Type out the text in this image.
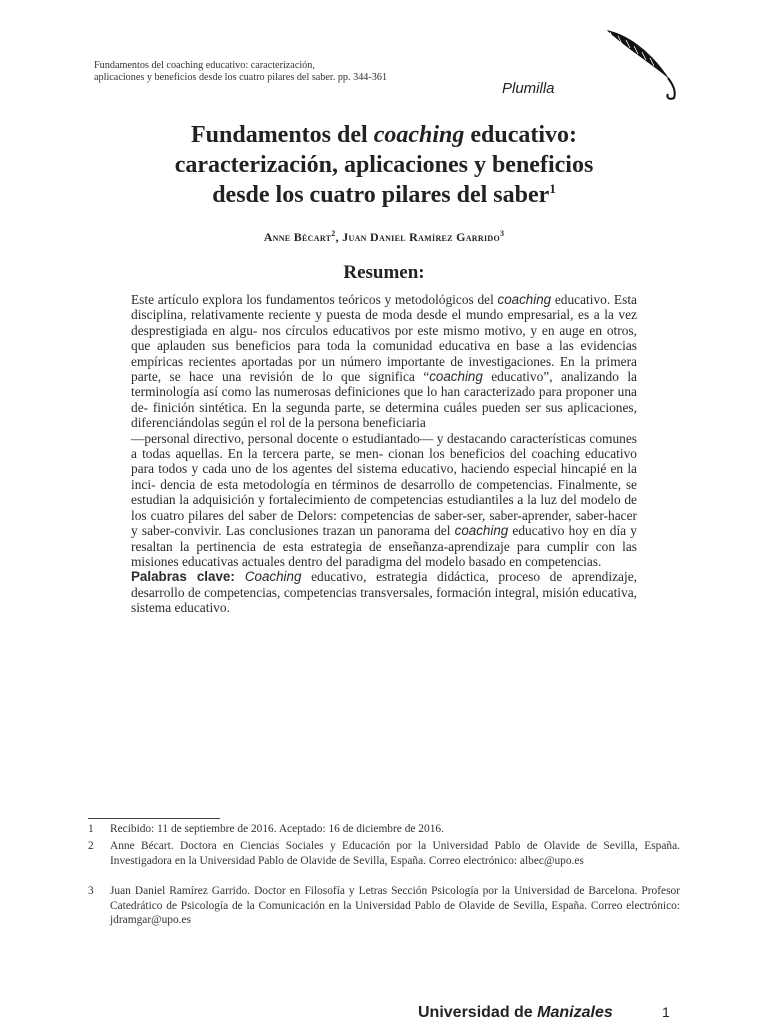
Fundamentos del coaching educativo: caracterización,
aplicaciones y beneficios desde los cuatro pilares del saber. pp. 344-361
Plumilla
Fundamentos del coaching educativo:
caracterización, aplicaciones y beneficios
desde los cuatro pilares del saber$^1$
Anne Bécart$^2$, Juan Daniel Ramírez Garrido$^3$
Resumen:

Este artículo explora los fundamentos teóricos y metodológicos del coaching educativo. Esta disciplina, relativamente reciente y puesta de moda desde el mundo empresarial, es a la vez desprestigiada en algu- nos círculos educativos por este mismo motivo, y en auge en otros, que aplauden sus beneficios para toda la comunidad educativa en base a las evidencias empíricas recientes aportadas por un número importante de investigaciones. En la primera parte, se hace una revisión de lo que significa “coaching educativo”, analizando la terminología así como las numerosas definiciones que lo han caracterizado para proponer una de- finición sintética. En la segunda parte, se determina cuáles pueden ser sus aplicaciones, diferenciándolas según el rol de la persona beneficiaria

—personal directivo, personal docente o estudiantado— y destacando características comunes a todas aquellas. En la tercera parte, se men- cionan los beneficios del coaching educativo para todos y cada uno de los agentes del sistema educativo, haciendo especial hincapié en la inci- dencia de esta metodología en términos de desarrollo de competencias. Finalmente, se estudian la adquisición y fortalecimiento de competencias estudiantiles a la luz del modelo de los cuatro pilares del saber de Delors: competencias de saber-ser, saber-aprender, saber-hacer y saber-convivir. Las conclusiones trazan un panorama del coaching educativo hoy en día y resaltan la pertinencia de esta estrategia de enseñanza-aprendizaje para cumplir con las misiones educativas actuales dentro del paradigma del modelo basado en competencias.

Palabras clave: Coaching educativo, estrategia didáctica, proceso de aprendizaje, desarrollo de competencias, competencias transversales, formación integral, misión educativa, sistema educativo.

1	Recibido: 11 de septiembre de 2016. Aceptado: 16 de diciembre de 2016.
2	Anne Bécart. Doctora en Ciencias Sociales y Educación por la Universidad Pablo de Olavide de Sevilla, España. Investigadora en la Universidad Pablo de Olavide de Sevilla, España. Correo electrónico: albec@upo.es
3	Juan Daniel Ramírez Garrido. Doctor en Filosofía y Letras Sección Psicología por la Universidad de Barcelona. Profesor Catedrático de Psicología de la Comunicación en la Universidad Pablo de Olavide de Sevilla, España. Correo electrónico: jdramgar@upo.es
Universidad de Manizales	1
